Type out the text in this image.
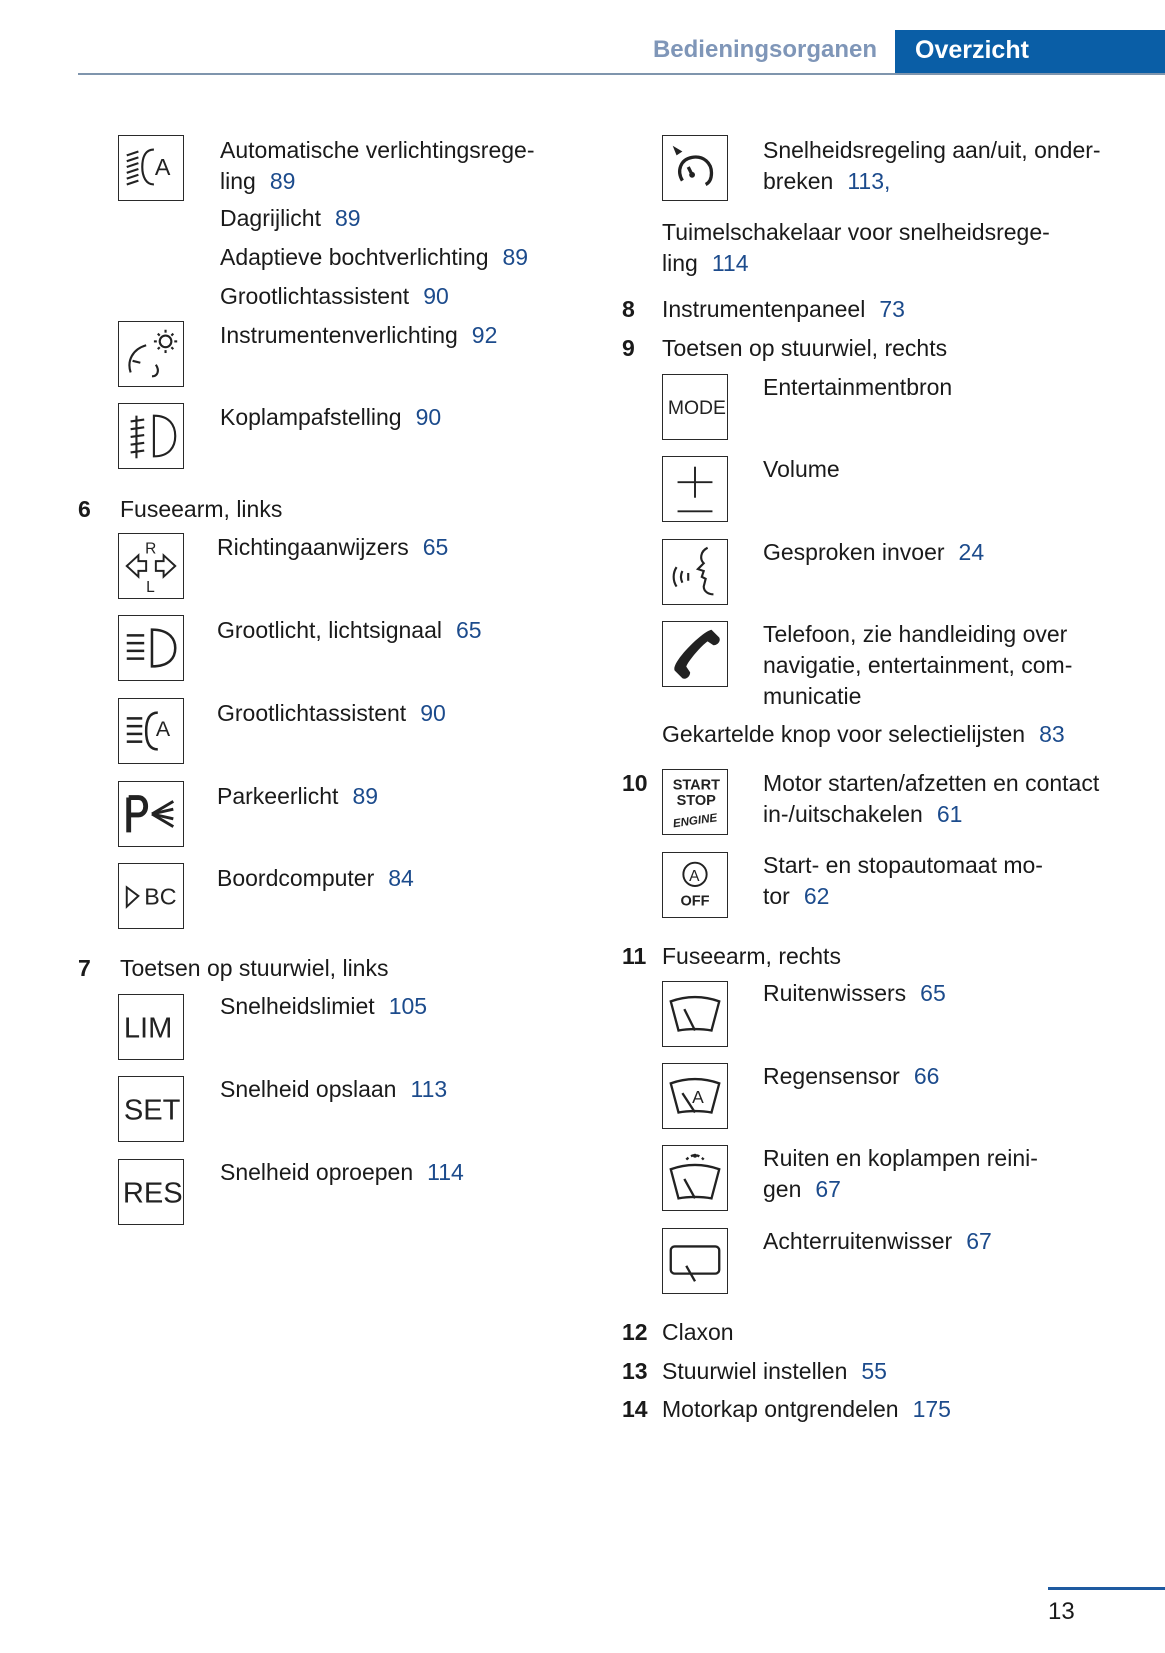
Bedieningsorganen	Overzicht
A
Automatische verlichtingsrege-
ling 89
Dagrijlicht 89
Adaptieve bochtverlichting 89
Grootlichtassistent 90
Instrumentenverlichting 92
Koplampafstelling 90
6 Fuseearm, links
R
L
Richtingaanwijzers 65
Grootlicht, lichtsignaal 65
A
Grootlichtassistent 90
Parkeerlicht 89
BC
Boordcomputer 84
7 Toetsen op stuurwiel, links
LIM
Snelheidslimiet 105
SET
Snelheid opslaan 113
RES
Snelheid oproepen 114
Snelheidsregeling aan/uit, onder-
breken 113,
Tuimelschakelaar voor snelheidsrege-
ling 114
8 Instrumentenpaneel 73
9 Toetsen op stuurwiel, rechts
MODE
Entertainmentbron
Volume
Gesproken invoer 24
Telefoon, zie handleiding over
navigatie, entertainment, com-
municatie
Gekartelde knop voor selectielijsten 83
10 START
STOP
ENGINE
Motor starten/afzetten en contact
in-/uitschakelen 61
A
OFF
Start- en stopautomaat mo-
tor 62
11 Fuseearm, rechts
Ruitenwissers 65
A
Regensensor 66
Ruiten en koplampen reini-
gen 67
Achterruitenwisser 67
12 Claxon
13 Stuurwiel instellen 55
14 Motorkap ontgrendelen 175
13
